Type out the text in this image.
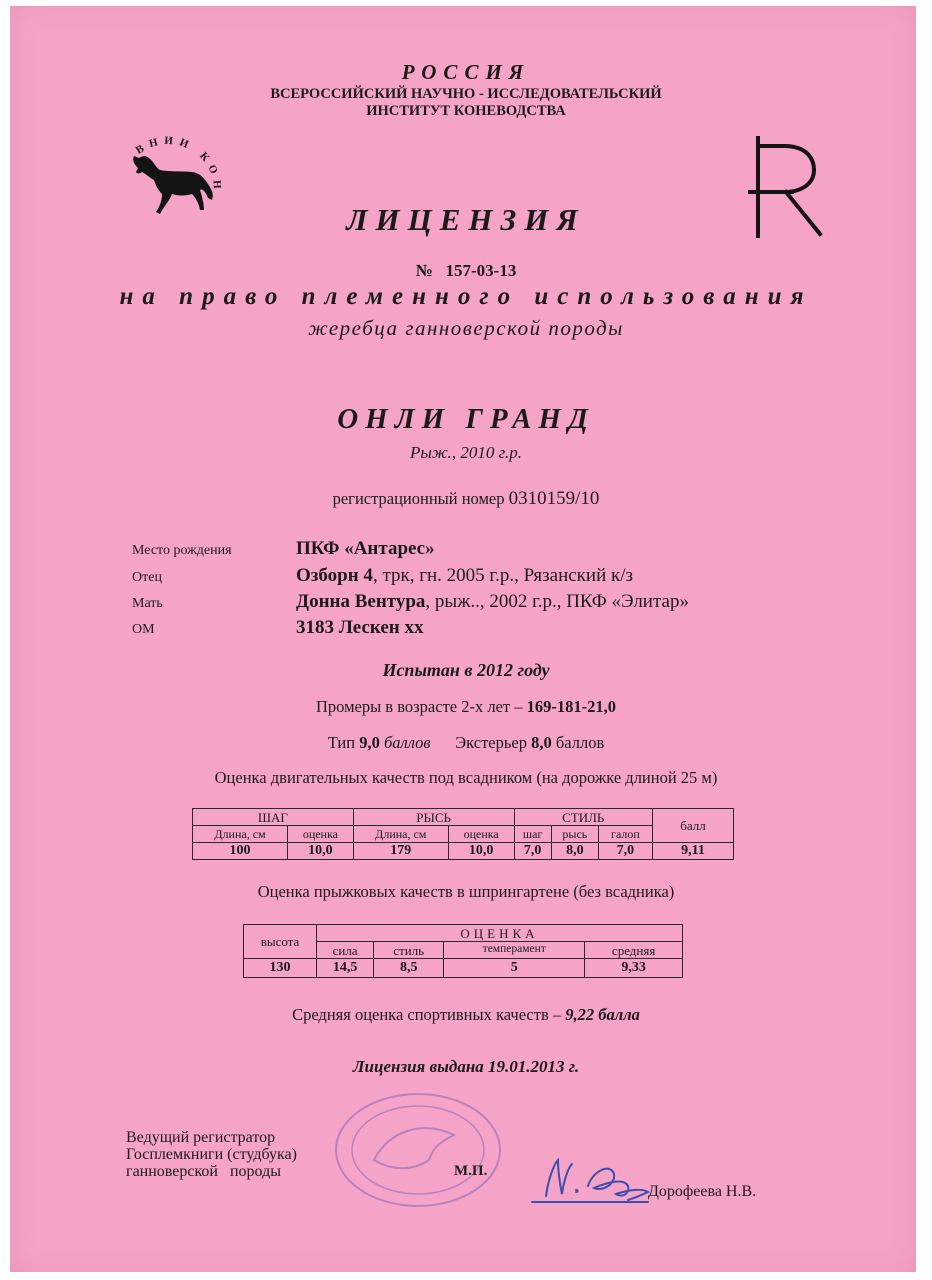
РОССИЯ
ВСЕРОССИЙСКИЙ НАУЧНО - ИССЛЕДОВАТЕЛЬСКИЙ
ИНСТИТУТ КОНЕВОДСТВА
ВНИИ КОН
ЛИЦЕНЗИЯ
№   157-03-13
на право племенного использования
жеребца ганноверской породы
ОНЛИ ГРАНД
Рыж., 2010 г.р.
регистрационный номер 0310159/10
Место рождения	ПКФ «Антарес»
Отец	Озборн 4, трк, гн. 2005 г.р., Рязанский к/з
Мать	Донна Вентура, рыж.., 2002 г.р., ПКФ «Элитар»
ОМ	3183 Лескен хх
Испытан в 2012 году
Промеры в возрасте 2-х лет – 169-181-21,0
Тип 9,0 баллов Экстерьер 8,0 баллов
Оценка двигательных качеств под всадником (на дорожке длиной 25 м)
ШАГ		РЫСЬ		СТИЛЬ			балл
Длина, см	оценка	Длина, см	оценка	шаг	рысь	галоп	
100	10,0	179	10,0	7,0	8,0	7,0	9,11
Оценка прыжковых качеств в шпрингартене (без всадника)
высота	ОЦЕНКА			
	сила	стиль	темперамент	средняя
130	14,5	8,5	5	9,33
Средняя оценка спортивных качеств – 9,22 балла
Лицензия выдана 19.01.2013 г.
Ведущий регистратор
Госплемкниги (студбука)
ганноверской   породы	М.П.
Дорофеева Н.В.
